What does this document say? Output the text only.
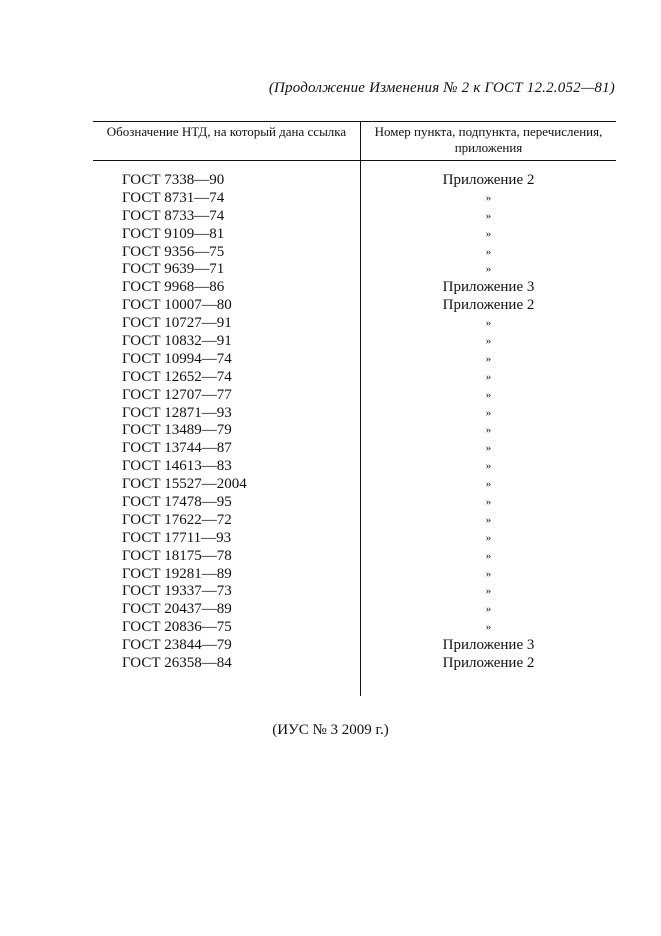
(Продолжение Изменения № 2 к ГОСТ 12.2.052—81)
Обозначение НТД, на который дана ссылка	Номер пункта, подпункта, перечисления, приложения
ГОСТ 7338—90	Приложение 2
ГОСТ 8731—74	»
ГОСТ 8733—74	»
ГОСТ 9109—81	»
ГОСТ 9356—75	»
ГОСТ 9639—71	»
ГОСТ 9968—86	Приложение 3
ГОСТ 10007—80	Приложение 2
ГОСТ 10727—91	»
ГОСТ 10832—91	»
ГОСТ 10994—74	»
ГОСТ 12652—74	»
ГОСТ 12707—77	»
ГОСТ 12871—93	»
ГОСТ 13489—79	»
ГОСТ 13744—87	»
ГОСТ 14613—83	»
ГОСТ 15527—2004	»
ГОСТ 17478—95	»
ГОСТ 17622—72	»
ГОСТ 17711—93	»
ГОСТ 18175—78	»
ГОСТ 19281—89	»
ГОСТ 19337—73	»
ГОСТ 20437—89	»
ГОСТ 20836—75	»
ГОСТ 23844—79	Приложение 3
ГОСТ 26358—84	Приложение 2
(ИУС № 3 2009 г.)
